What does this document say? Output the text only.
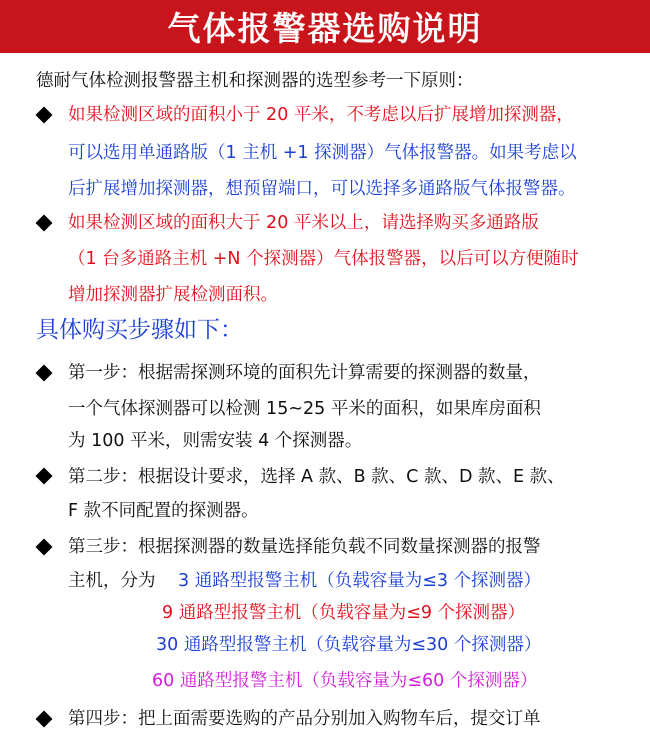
气体报警器选购说明
德耐气体检测报警器主机和探测器的选型参考一下原则：
如果检测区域的面积小于 20 平米，不考虑以后扩展增加探测器，
可以选用单通路版（1 主机 +1 探测器）气体报警器。如果考虑以
后扩展增加探测器，想预留端口，可以选择多通路版气体报警器。
如果检测区域的面积大于 20 平米以上，请选择购买多通路版
（1 台多通路主机 +N 个探测器）气体报警器，以后可以方便随时
增加探测器扩展检测面积。
具体购买步骤如下：
第一步：根据需探测环境的面积先计算需要的探测器的数量，
一个气体探测器可以检测 15~25 平米的面积，如果库房面积
为 100 平米，则需安装 4 个探测器。
第二步：根据设计要求，选择 A 款、B 款、C 款、D 款、E 款、
F 款不同配置的探测器。
第三步：根据探测器的数量选择能负载不同数量探测器的报警
主机，分为 3 通路型报警主机（负载容量为≤3 个探测器）
9 通路型报警主机（负载容量为≤9 个探测器）
30 通路型报警主机（负载容量为≤30 个探测器）
60 通路型报警主机（负载容量为≤60 个探测器）
第四步：把上面需要选购的产品分别加入购物车后，提交订单
